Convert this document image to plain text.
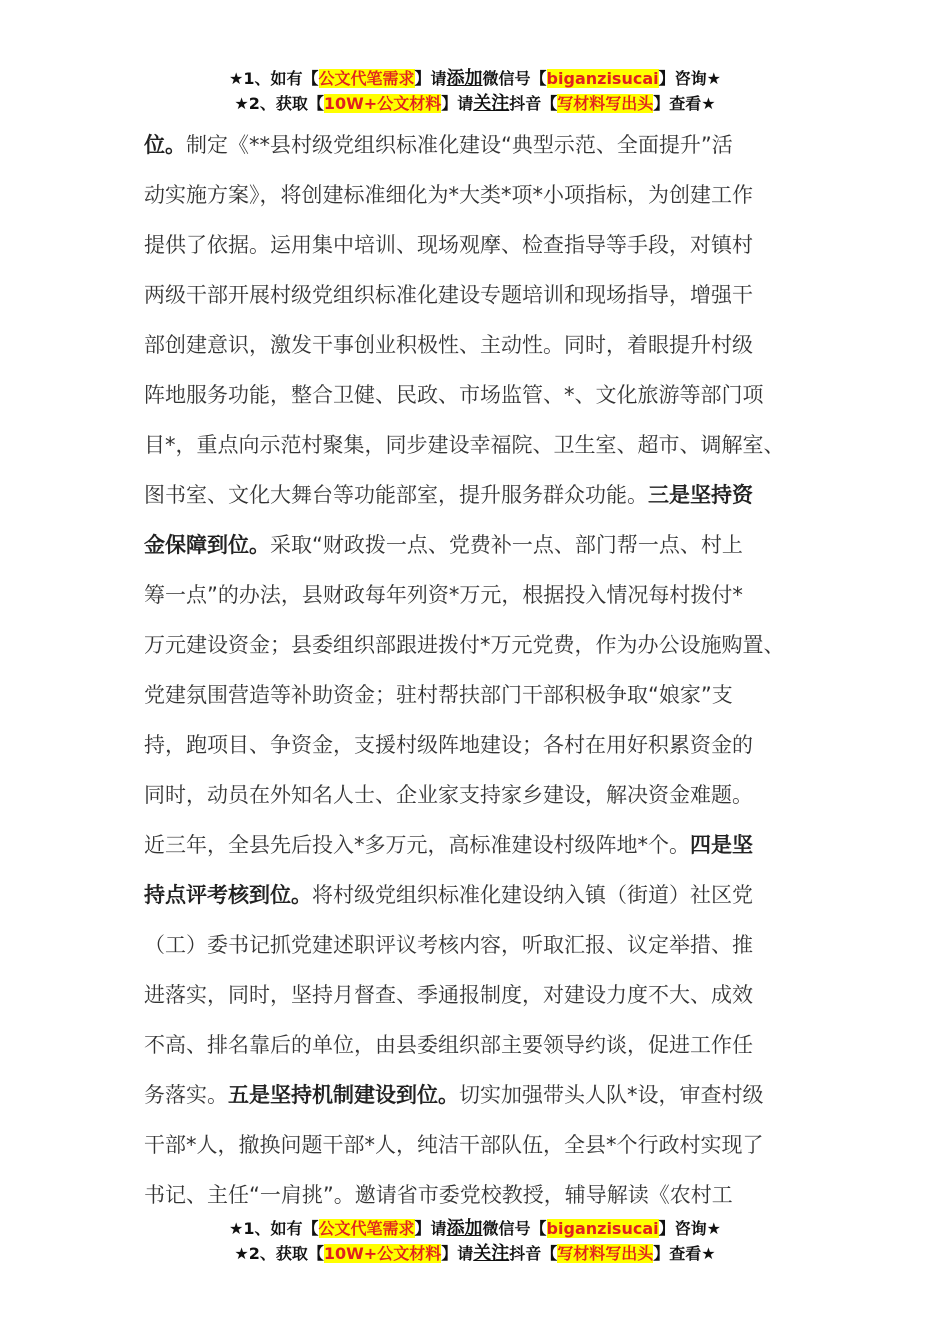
★1、如有【公文代笔需求】请添加微信号【biganzisucai】咨询★
★2、获取【10W+公文材料】请关注抖音【写材料写出头】查看★
位。制定《**县村级党组织标准化建设“典型示范、全面提升”活
动实施方案》，将创建标准细化为*大类*项*小项指标，为创建工作
提供了依据。运用集中培训、现场观摩、检查指导等手段，对镇村
两级干部开展村级党组织标准化建设专题培训和现场指导，增强干
部创建意识，激发干事创业积极性、主动性。同时，着眼提升村级
阵地服务功能，整合卫健、民政、市场监管、*、文化旅游等部门项
目*，重点向示范村聚集，同步建设幸福院、卫生室、超市、调解室、
图书室、文化大舞台等功能部室，提升服务群众功能。三是坚持资
金保障到位。采取“财政拨一点、党费补一点、部门帮一点、村上
筹一点”的办法，县财政每年列资*万元，根据投入情况每村拨付*
万元建设资金；县委组织部跟进拨付*万元党费，作为办公设施购置、
党建氛围营造等补助资金；驻村帮扶部门干部积极争取“娘家”支
持，跑项目、争资金，支援村级阵地建设；各村在用好积累资金的
同时，动员在外知名人士、企业家支持家乡建设，解决资金难题。
近三年，全县先后投入*多万元，高标准建设村级阵地*个。四是坚
持点评考核到位。将村级党组织标准化建设纳入镇（街道）社区党
（工）委书记抓党建述职评议考核内容，听取汇报、议定举措、推
进落实，同时，坚持月督查、季通报制度，对建设力度不大、成效
不高、排名靠后的单位，由县委组织部主要领导约谈，促进工作任
务落实。五是坚持机制建设到位。切实加强带头人队*设，审查村级
干部*人，撤换问题干部*人，纯洁干部队伍，全县*个行政村实现了
书记、主任“一肩挑”。邀请省市委党校教授，辅导解读《农村工
★1、如有【公文代笔需求】请添加微信号【biganzisucai】咨询★
★2、获取【10W+公文材料】请关注抖音【写材料写出头】查看★
